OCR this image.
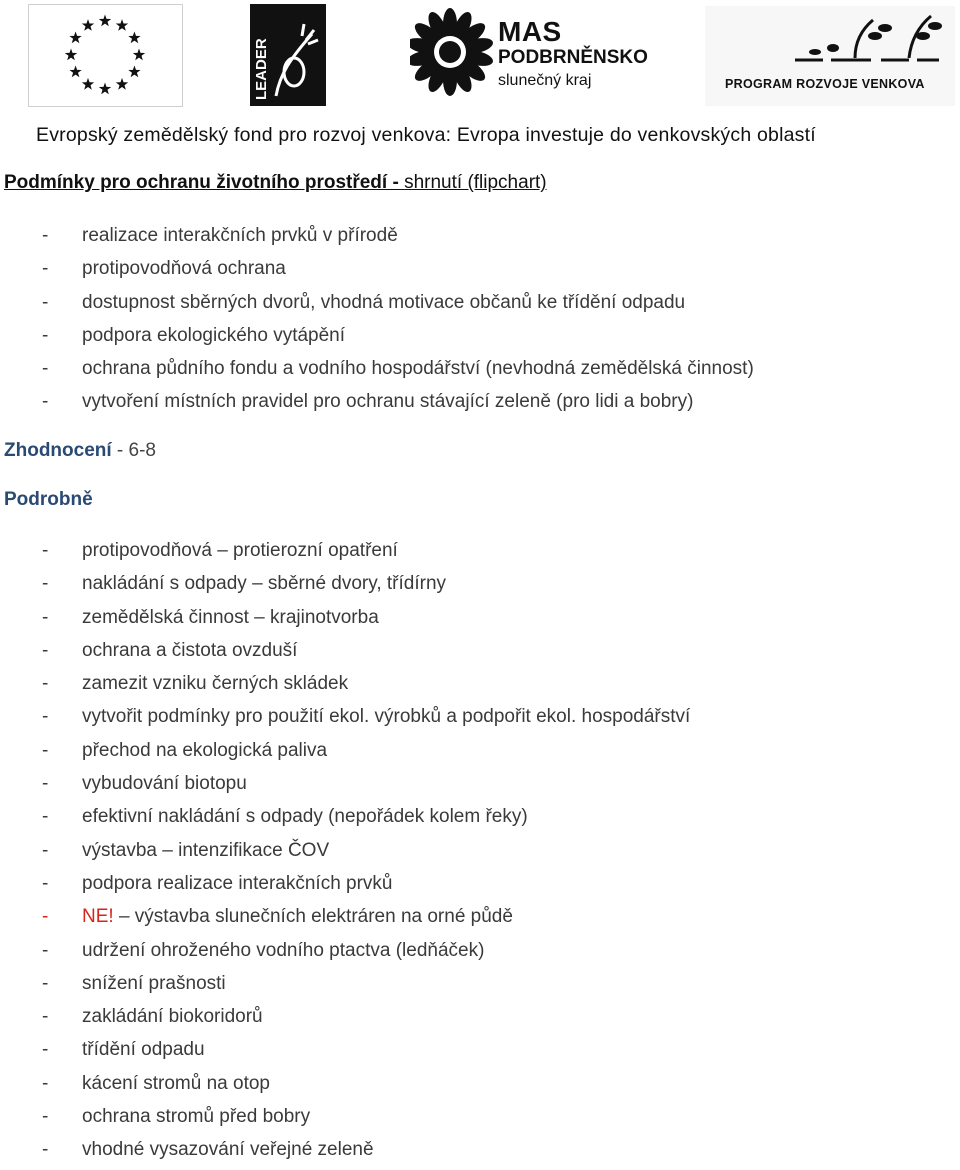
LEADER
MAS
PODBRNĚNSKO
slunečný kraj	PROGRAM ROZVOJE VENKOVA
Evropský zemědělský fond pro rozvoj venkova: Evropa investuje do venkovských oblastí
Podmínky pro ochranu životního prostředí - shrnutí (flipchart)
- realizace interakčních prvků v přírodě
- protipovodňová ochrana
- dostupnost sběrných dvorů, vhodná motivace občanů ke třídění odpadu
- podpora ekologického vytápění
- ochrana půdního fondu a vodního hospodářství (nevhodná zemědělská činnost)
- vytvoření místních pravidel pro ochranu stávající zeleně (pro lidi a bobry)
Zhodnocení - 6-8
Podrobně
- protipovodňová – protierozní opatření
- nakládání s odpady – sběrné dvory, třídírny
- zemědělská činnost – krajinotvorba
- ochrana a čistota ovzduší
- zamezit vzniku černých skládek
- vytvořit podmínky pro použití ekol. výrobků a podpořit ekol. hospodářství
- přechod na ekologická paliva
- vybudování biotopu
- efektivní nakládání s odpady (nepořádek kolem řeky)
- výstavba – intenzifikace ČOV
- podpora realizace interakčních prvků
- NE! – výstavba slunečních elektráren na orné půdě
- udržení ohroženého vodního ptactva (ledňáček)
- snížení prašnosti
- zakládání biokoridorů
- třídění odpadu
- kácení stromů na otop
- ochrana stromů před bobry
- vhodné vysazování veřejné zeleně
